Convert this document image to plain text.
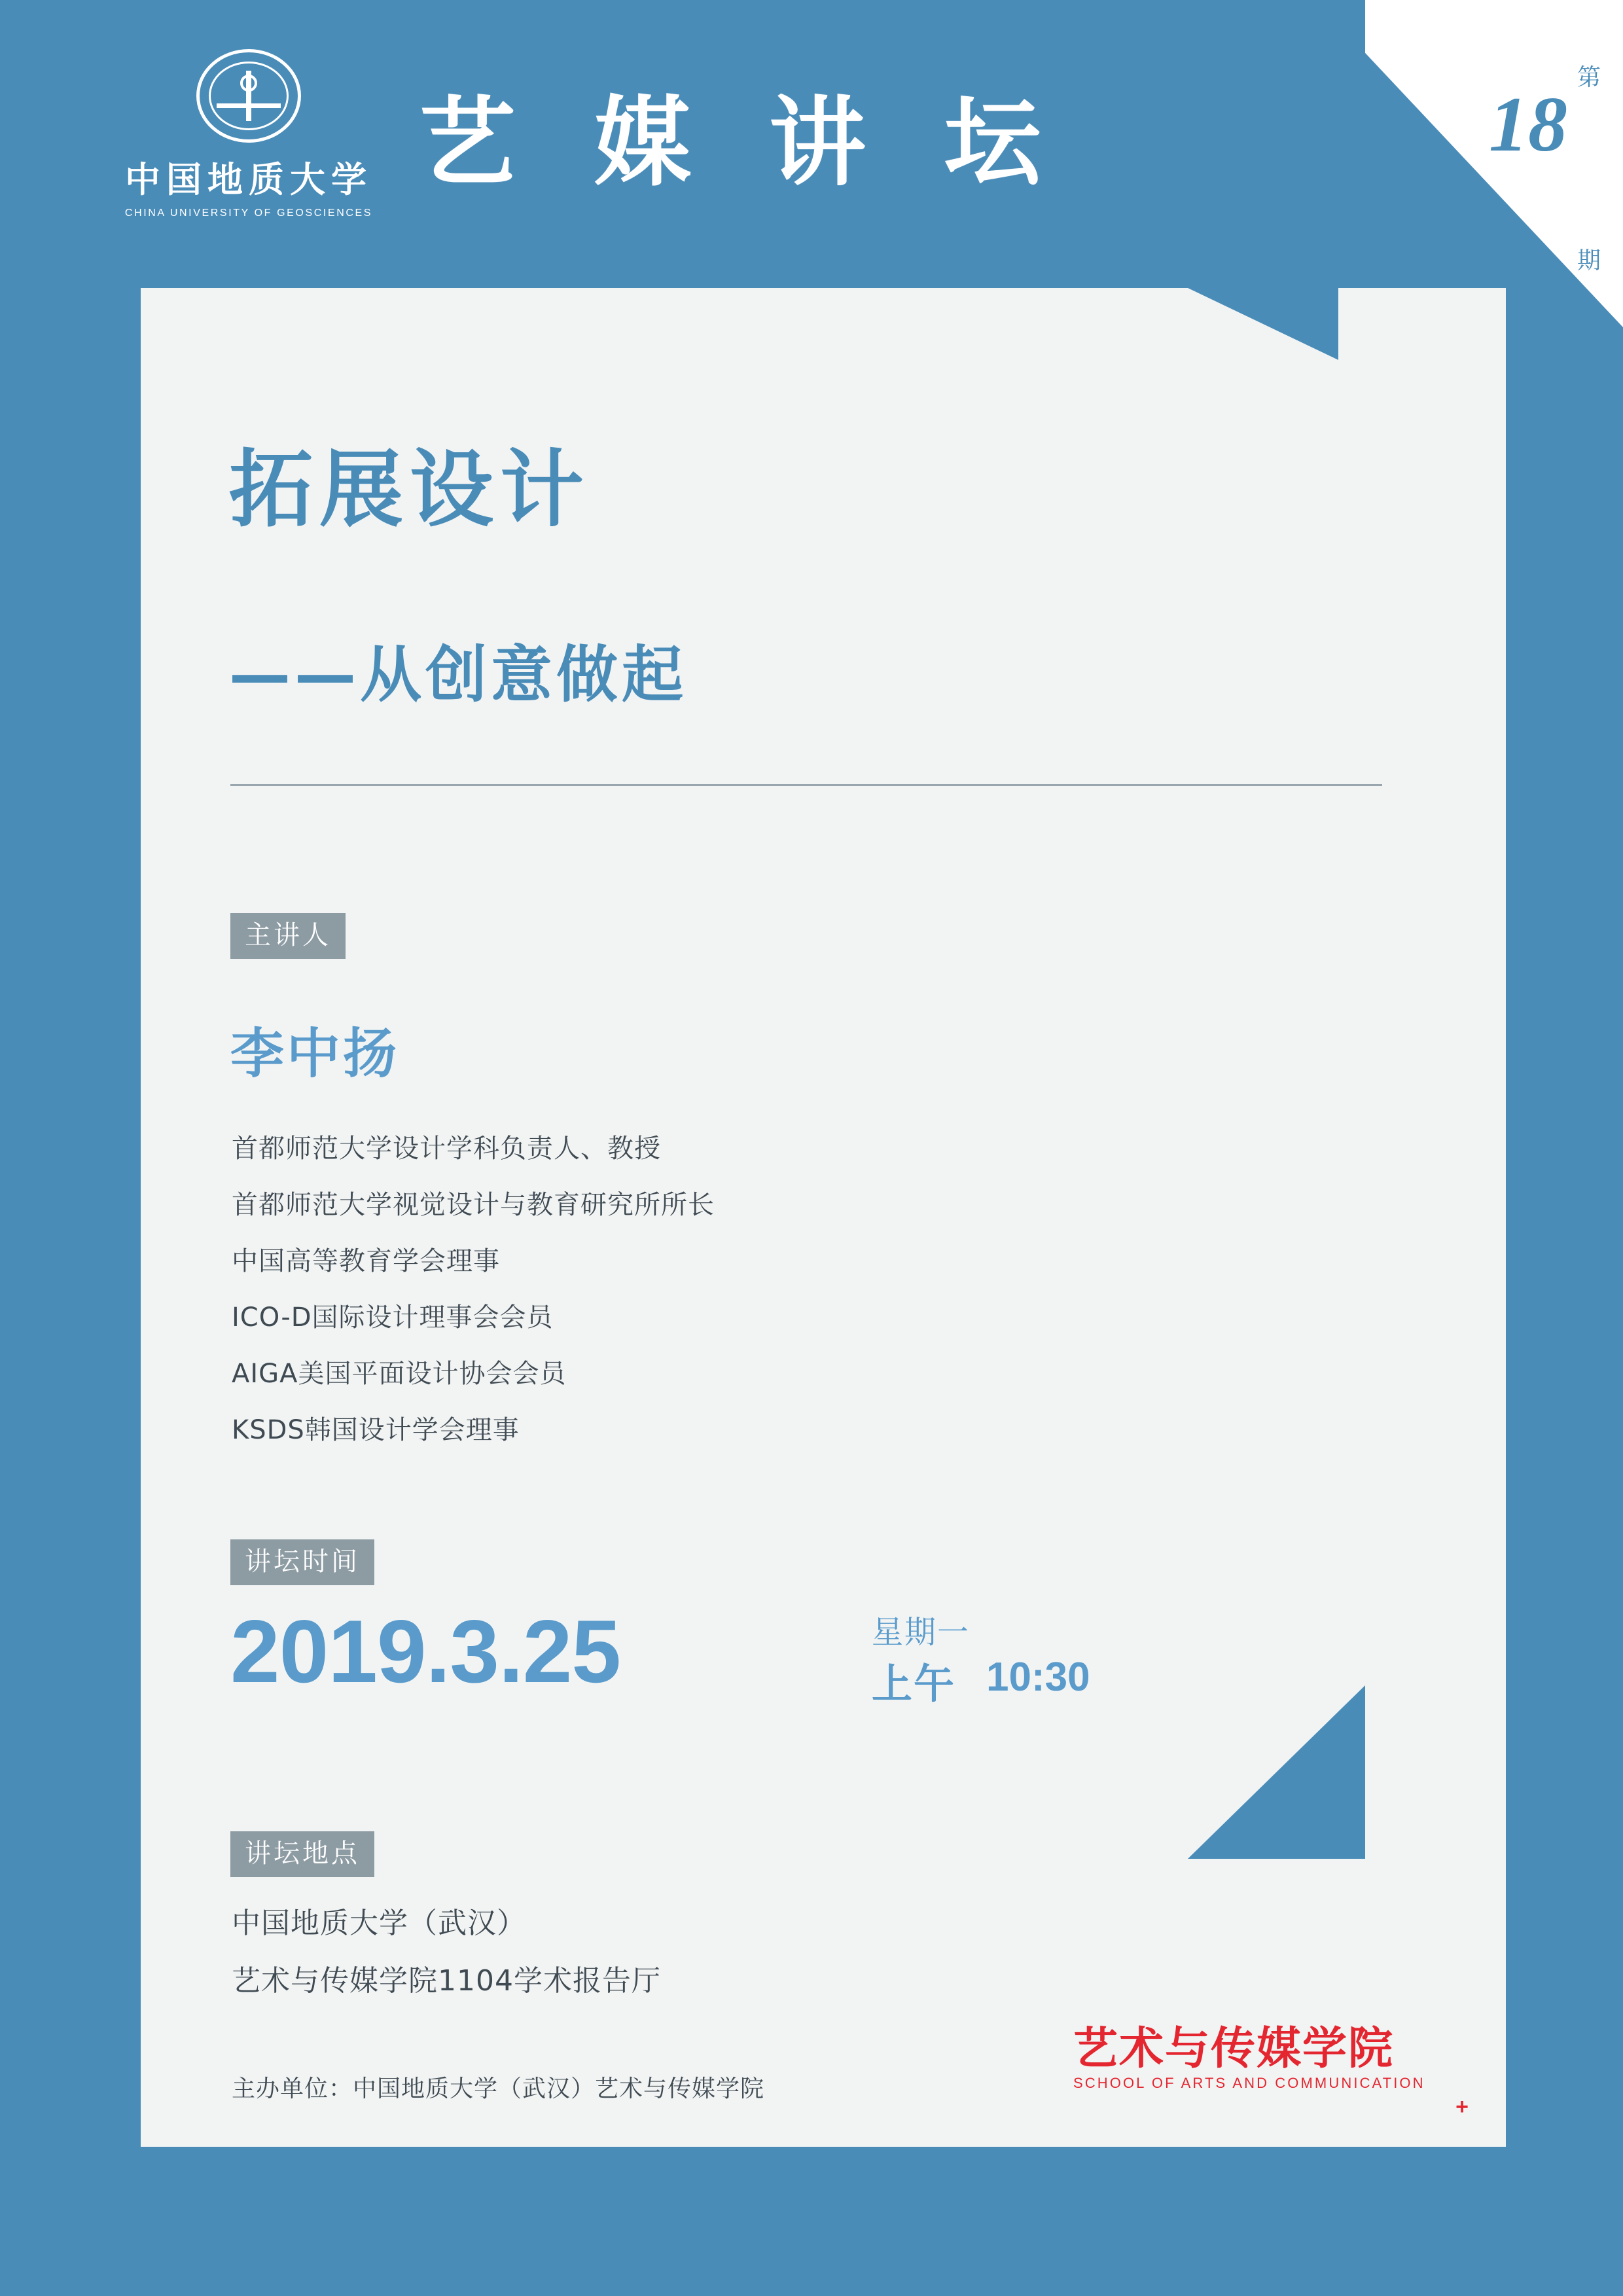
中国地质大学
CHINA UNIVERSITY OF GEOSCIENCES
艺 媒 讲 坛
第
18
期
拓展设计
——从创意做起
主讲人
李中扬
首都师范大学设计学科负责人、教授
首都师范大学视觉设计与教育研究所所长
中国高等教育学会理事
ICO-D国际设计理事会会员
AIGA美国平面设计协会会员
KSDS韩国设计学会理事
讲坛时间
2019.3.25	星期一
上午 10:30
讲坛地点
中国地质大学（武汉）
艺术与传媒学院1104学术报告厅
主办单位：中国地质大学（武汉）艺术与传媒学院
艺术与传媒学院
SCHOOL OF ARTS AND COMMUNICATION
+
